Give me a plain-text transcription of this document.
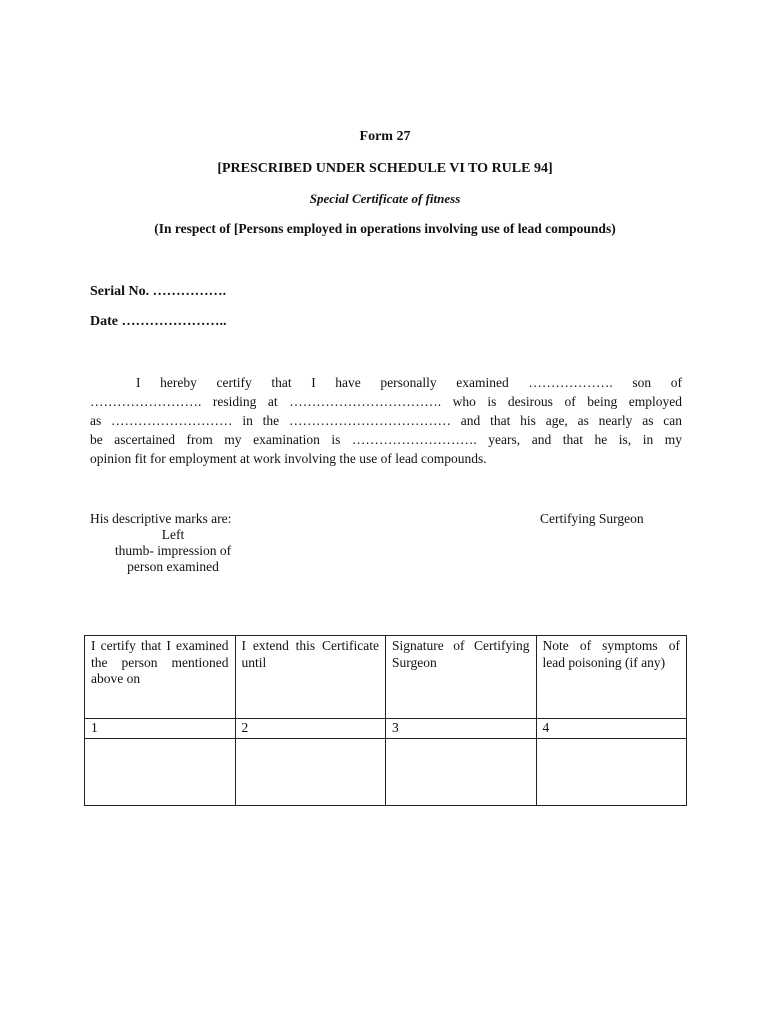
Form 27
[PRESCRIBED UNDER SCHEDULE VI TO RULE 94]
Special Certificate of fitness
(In respect of [Persons employed in operations involving use of lead compounds)
Serial No. …………….
Date …………………..
I hereby certify that I have personally examined ………………. son of
……………………. residing at ……………………………. who is desirous of being employed
as ……………………… in the ……………………………… and that his age, as nearly as can
be ascertained from my examination is ………………………. years, and that he is, in my
opinion fit for employment at work involving the use of lead compounds.
His descriptive marks are:
Left
thumb- impression of
person examined
Certifying Surgeon
I certify that I examined the person mentioned above on	I extend this Certificate until	Signature of Certifying Surgeon	Note of symptoms of lead poisoning (if any)
1	2	3	4
